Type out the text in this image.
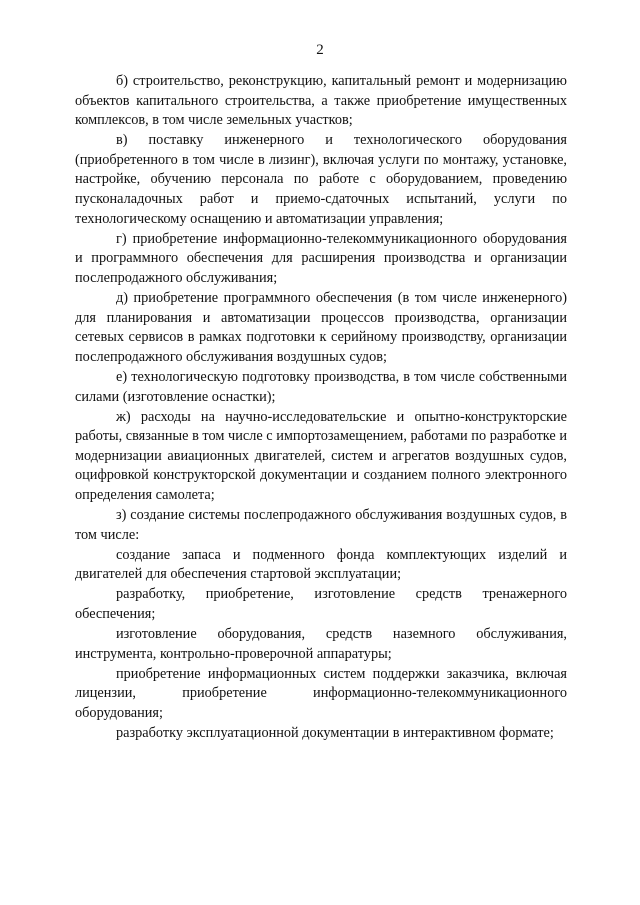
2

б) строительство, реконструкцию, капитальный ремонт и модернизацию объектов капитального строительства, а также приобретение имущественных комплексов, в том числе земельных участков;

в) поставку инженерного и технологического оборудования (приобретенного в том числе в лизинг), включая услуги по монтажу, установке, настройке, обучению персонала по работе с оборудованием, проведению пусконаладочных работ и приемо-сдаточных испытаний, услуги по технологическому оснащению и автоматизации управления;

г) приобретение информационно-телекоммуникационного оборудования и программного обеспечения для расширения производства и организации послепродажного обслуживания;

д) приобретение программного обеспечения (в том числе инженерного) для планирования и автоматизации процессов производства, организации сетевых сервисов в рамках подготовки к серийному производству, организации послепродажного обслуживания воздушных судов;

е) технологическую подготовку производства, в том числе собственными силами (изготовление оснастки);

ж) расходы на научно-исследовательские и опытно-конструкторские работы, связанные в том числе с импортозамещением, работами по разработке и модернизации авиационных двигателей, систем и агрегатов воздушных судов, оцифровкой конструкторской документации и созданием полного электронного определения самолета;

з) создание системы послепродажного обслуживания воздушных судов, в том числе:

создание запаса и подменного фонда комплектующих изделий и двигателей для обеспечения стартовой эксплуатации;

разработку, приобретение, изготовление средств тренажерного обеспечения;

изготовление оборудования, средств наземного обслуживания, инструмента, контрольно-проверочной аппаратуры;

приобретение информационных систем поддержки заказчика, включая лицензии, приобретение информационно-телекоммуникационного оборудования;

разработку эксплуатационной документации в интерактивном формате;
